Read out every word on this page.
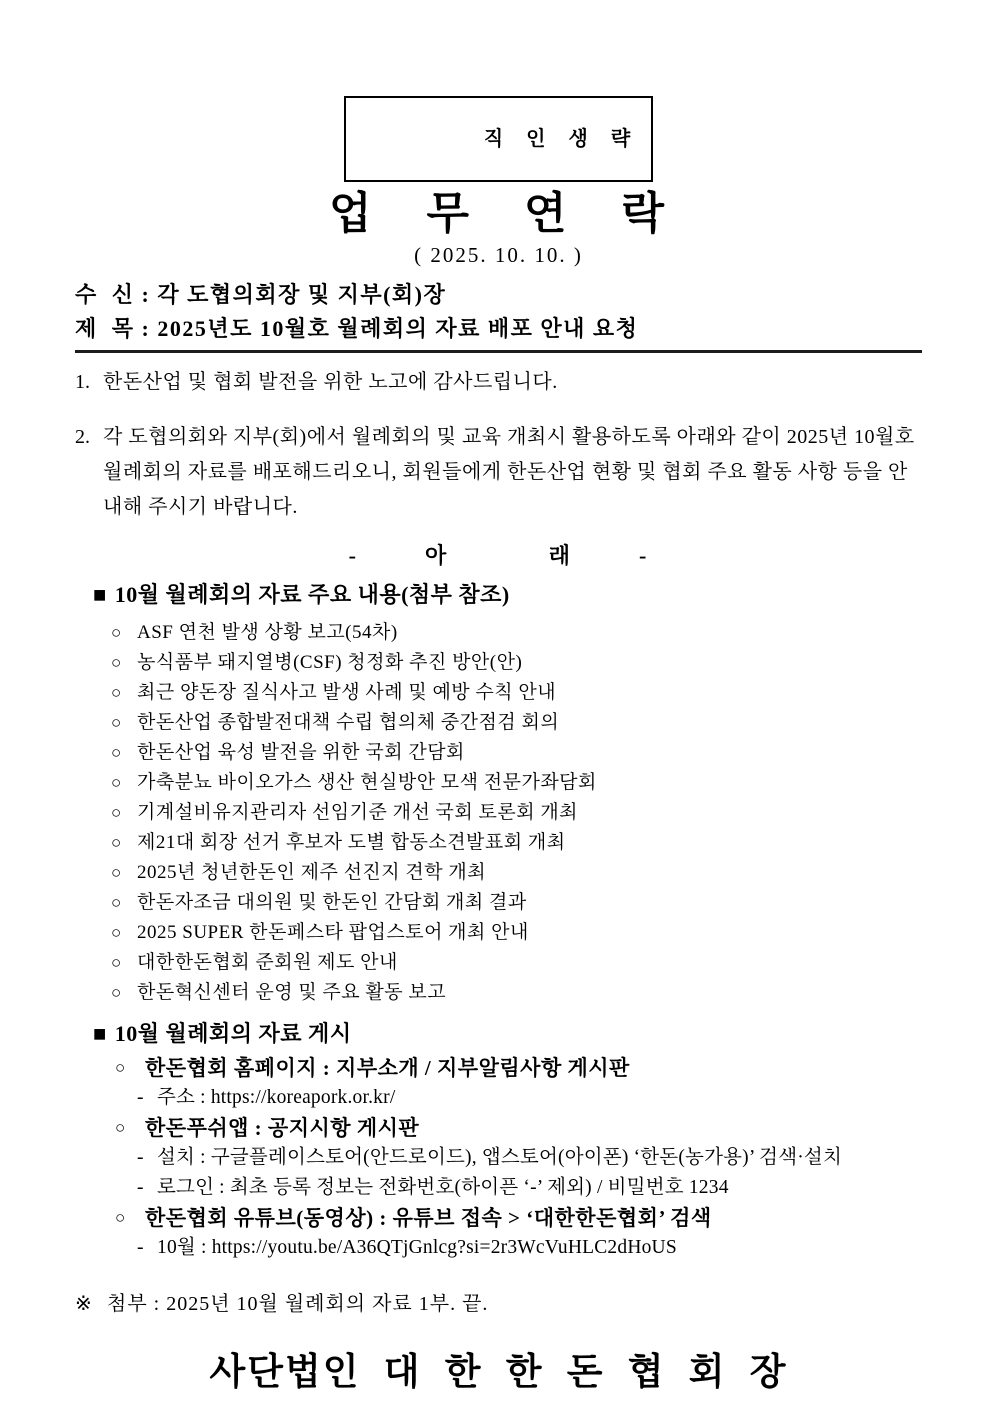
직 인 생 략

업 무 연 락
( 2025. 10. 10. )
수  신 : 각 도협의회장 및 지부(회)장
제  목 : 2025년도 10월호 월례회의 자료 배포 안내 요청
1. 한돈산업 및 협회 발전을 위한 노고에 감사드립니다.
2. 각 도협의회와 지부(회)에서 월례회의 및 교육 개최시 활용하도록 아래와 같이 2025년 10월호 월례회의 자료를 배포해드리오니, 회원들에게 한돈산업 현황 및 협회 주요 활동 사항 등을 안내해 주시기 바랍니다.
-  아   래  -
■ 10월 월례회의 자료 주요 내용(첨부 참조)
○ ASF 연천 발생 상황 보고(54차)
○ 농식품부 돼지열병(CSF) 청정화 추진 방안(안)
○ 최근 양돈장 질식사고 발생 사례 및 예방 수칙 안내
○ 한돈산업 종합발전대책 수립 협의체 중간점검 회의
○ 한돈산업 육성 발전을 위한 국회 간담회
○ 가축분뇨 바이오가스 생산 현실방안 모색 전문가좌담회
○ 기계설비유지관리자 선임기준 개선 국회 토론회 개최
○ 제21대 회장 선거 후보자 도별 합동소견발표회 개최
○ 2025년 청년한돈인 제주 선진지 견학 개최
○ 한돈자조금 대의원 및 한돈인 간담회 개최 결과
○ 2025 SUPER 한돈페스타 팝업스토어 개최 안내
○ 대한한돈협회 준회원 제도 안내
○ 한돈혁신센터 운영 및 주요 활동 보고
■ 10월 월례회의 자료 게시
○ 한돈협회 홈페이지 : 지부소개 / 지부알림사항 게시판
- 주소 : https://koreapork.or.kr/
○ 한돈푸쉬앱 : 공지시항 게시판
- 설치 : 구글플레이스토어(안드로이드), 앱스토어(아이폰) ‘한돈(농가용)’ 검색·설치
- 로그인 : 최초 등록 정보는 전화번호(하이픈 ‘-’ 제외) / 비밀번호 1234
○ 한돈협회 유튜브(동영상) : 유튜브 접속 > ‘대한한돈협회’ 검색
- 10월 : https://youtu.be/A36QTjGnlcg?si=2r3WcVuHLC2dHoUS
※ 첨부 : 2025년 10월 월례회의 자료 1부. 끝.
사단법인 대 한 한 돈 협 회 장
